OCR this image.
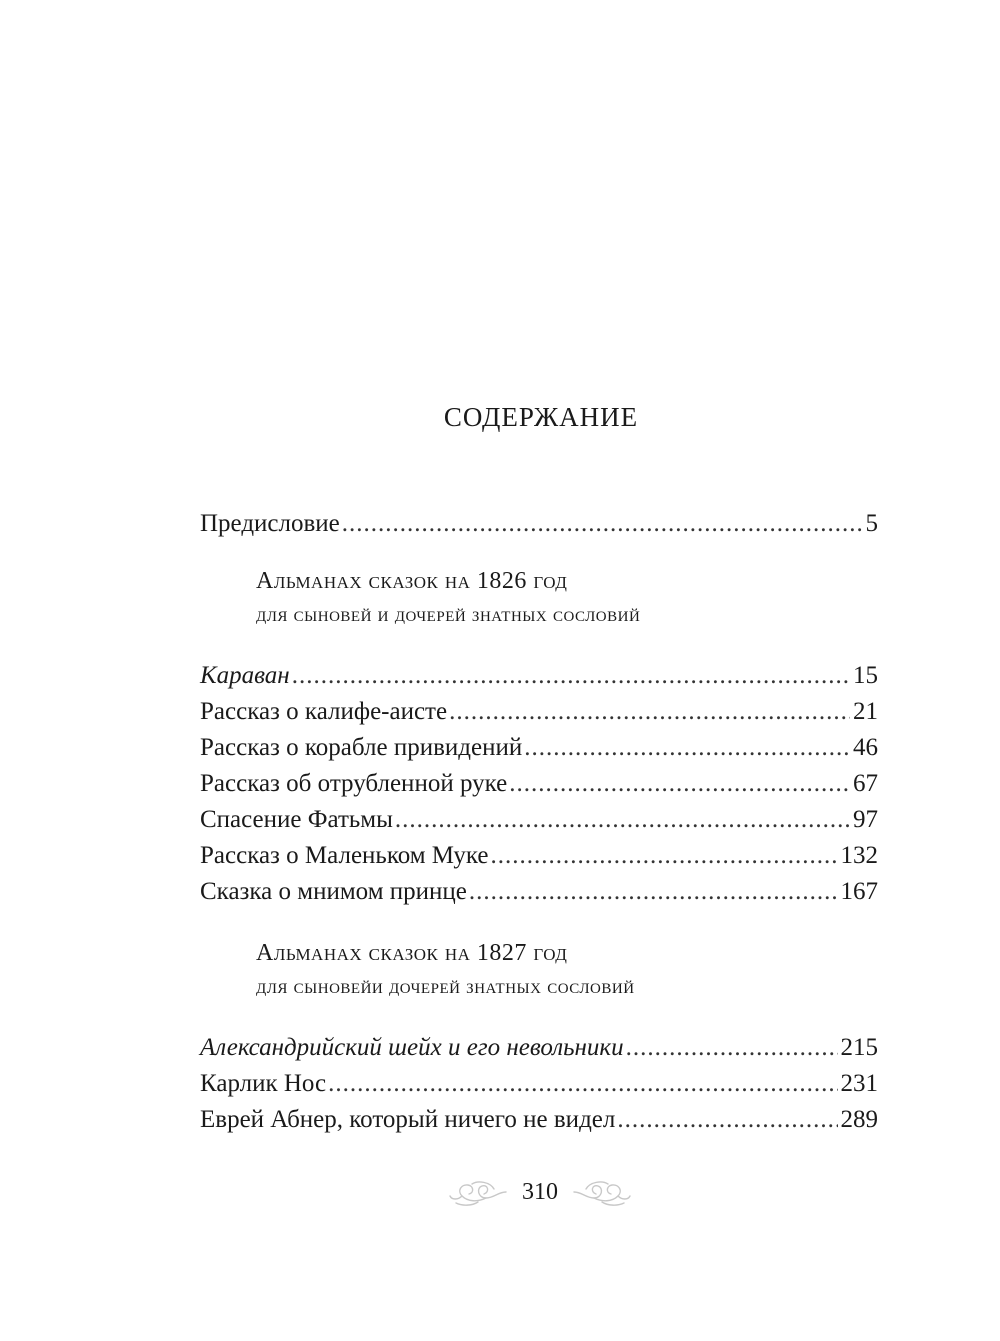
СОДЕРЖАНИЕ
Предисловие .....	5
Альманах сказок на 1826 год
для сыновей и дочерей знатных сословий
Караван .....	15
Рассказ о калифе-аисте .....	21
Рассказ о корабле привидений .....	46
Рассказ об отрубленной руке .....	67
Спасение Фатьмы .....	97
Рассказ о Маленьком Муке .....	132
Сказка о мнимом принце .....	167
Альманах сказок на 1827 год
для сыновейи дочерей знатных сословий
Александрийский шейх и его невольники .....	215
Карлик Нос .....	231
Еврей Абнер, который ничего не видел .....	289
310
